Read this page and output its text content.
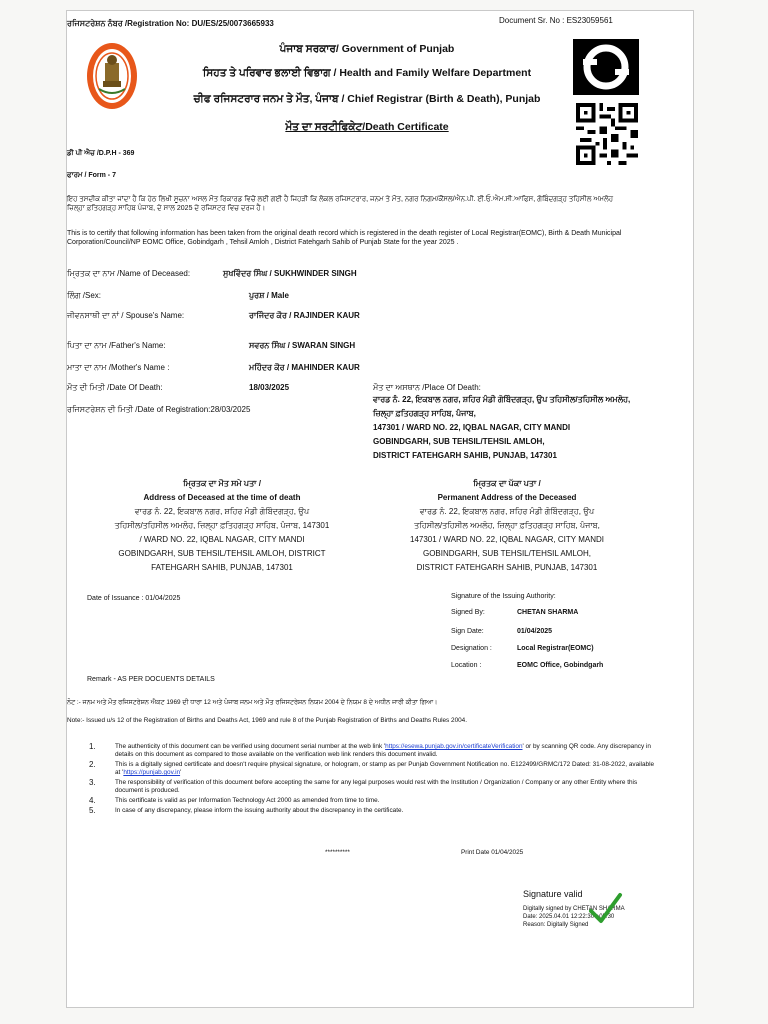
ਰਜਿਸਟਰੇਸ਼ਨ ਨੰਬਰ /Registration No: DU/ES/25/0073665933	Document Sr. No : ES23059561
ਪੰਜਾਬ ਸਰਕਾਰ/ Government of Punjab
ਸਿਹਤ ਤੇ ਪਰਿਵਾਰ ਭਲਾਈ ਵਿਭਾਗ / Health and Family Welfare Department
ਚੀਫ ਰਜਿਸਟਰਾਰ ਜਨਮ ਤੇ ਮੌਤ, ਪੰਜਾਬ / Chief Registrar (Birth & Death), Punjab
ਮੌਤ ਦਾ ਸਰਟੀਫਿਕੇਟ/Death Certificate
ਡੀ ਪੀ ਐਚ /D.P.H - 369
ਫਾਰਮ / Form - 7
ਇਹ ਤਸਦੀਕ ਕੀਤਾ ਜਾਂਦਾ ਹੈ ਕਿ ਹੇਠ ਲਿਖੀ ਸੂਚਨਾ ਅਸਲ ਮੌਤ ਰਿਕਾਰਡ ਵਿਚੋਂ ਲਈ ਗਈ ਹੈ ਜਿਹੜੀ ਕਿ ਲੋਕਲ ਰਜਿਸਟਰਾਰ, ਜਨਮ ਤੇ ਮੌਤ, ਨਗਰ ਨਿਗਮ/ਕੌਂਸਲ/ਐਨ.ਪੀ. ਈ.ਓ.ਐਮ.ਸੀ.ਆਫਿਸ, ਗੋਬਿੰਦਗੜ੍ਹ ਤਹਿਸੀਲ ਅਮਲੋਹ ਜ਼ਿਲ੍ਹਾ ਫ਼ਤਿਹਗੜ੍ਹ ਸਾਹਿਬ ਪੰਜਾਬ, ਦੇ ਸਾਲ 2025 ਦੇ ਰਜਿਸਟਰ ਵਿਚ ਦਰਜ ਹੈ।
This is to certify that following information has been taken from the original death record which is registered in the death register of Local Registrar(EOMC), Birth & Death Municipal Corporation/Council/NP EOMC Office, Gobindgarh , Tehsil Amloh , District Fatehgarh Sahib of Punjab State for the year 2025 .
ਮ੍ਰਿਤਕ ਦਾ ਨਾਮ /Name of Deceased:	ਸੁਖਵਿੰਦਰ ਸਿੰਘ / SUKHWINDER SINGH
ਲਿੰਗ /Sex:	ਪੁਰਸ਼ / Male
ਜੀਵਨਸਾਥੀ ਦਾ ਨਾਂ / Spouse's Name:	ਰਾਜਿੰਦਰ ਕੌਰ / RAJINDER KAUR
ਪਿਤਾ ਦਾ ਨਾਮ /Father's Name:	ਸਵਰਨ ਸਿੰਘ / SWARAN SINGH
ਮਾਤਾ ਦਾ ਨਾਮ /Mother's Name :	ਮਹਿੰਦਰ ਕੌਰ / MAHINDER KAUR
ਮੌਤ ਦੀ ਮਿਤੀ /Date Of Death:	18/03/2025	ਮੌਤ ਦਾ ਅਸਥਾਨ /Place Of Death:
ਰਜਿਸਟਰੇਸ਼ਨ ਦੀ ਮਿਤੀ /Date of Registration:28/03/2025
ਵਾਰਡ ਨੰ. 22, ਇਕਬਾਲ ਨਗਰ, ਸ਼ਹਿਰ ਮੰਡੀ ਗੋਬਿੰਦਗੜ੍ਹ, ਉਪ ਤਹਿਸੀਲ/ਤਹਿਸੀਲ ਅਮਲੋਹ, ਜ਼ਿਲ੍ਹਾ ਫ਼ਤਿਹਗੜ੍ਹ ਸਾਹਿਬ, ਪੰਜਾਬ,
147301 / WARD NO. 22, IQBAL NAGAR, CITY MANDI
GOBINDGARH, SUB TEHSIL/TEHSIL AMLOH,
DISTRICT FATEHGARH SAHIB, PUNJAB, 147301
ਮ੍ਰਿਤਕ ਦਾ ਮੌਤ ਸਮੇ ਪਤਾ /
Address of Deceased at the time of death
ਵਾਰਡ ਨੰ. 22, ਇਕਬਾਲ ਨਗਰ, ਸ਼ਹਿਰ ਮੰਡੀ ਗੋਬਿੰਦਗੜ੍ਹ, ਉਪ
ਤਹਿਸੀਲ/ਤਹਿਸੀਲ ਅਮਲੋਹ, ਜ਼ਿਲ੍ਹਾ ਫ਼ਤਿਹਗੜ੍ਹ ਸਾਹਿਬ, ਪੰਜਾਬ, 147301
/ WARD NO. 22, IQBAL NAGAR, CITY MANDI
GOBINDGARH, SUB TEHSIL/TEHSIL AMLOH, DISTRICT
FATEHGARH SAHIB, PUNJAB, 147301
ਮ੍ਰਿਤਕ ਦਾ ਪੱਕਾ ਪਤਾ /
Permanent Address of the Deceased
ਵਾਰਡ ਨੰ. 22, ਇਕਬਾਲ ਨਗਰ, ਸ਼ਹਿਰ ਮੰਡੀ ਗੋਬਿੰਦਗੜ੍ਹ, ਉਪ
ਤਹਿਸੀਲ/ਤਹਿਸੀਲ ਅਮਲੋਹ, ਜ਼ਿਲ੍ਹਾ ਫ਼ਤਿਹਗੜ੍ਹ ਸਾਹਿਬ, ਪੰਜਾਬ,
147301 / WARD NO. 22, IQBAL NAGAR, CITY MANDI
GOBINDGARH, SUB TEHSIL/TEHSIL AMLOH,
DISTRICT FATEHGARH SAHIB, PUNJAB, 147301
Date of Issuance : 01/04/2025	Signature of the Issuing Authority:
Signed By:	CHETAN SHARMA
Sign Date:	01/04/2025
Designation :	Local Registrar(EOMC)
Location :	EOMC Office, Gobindgarh
Remark - AS PER DOCUENTS DETAILS
ਨੋਟ :- ਜਨਮ ਅਤੇ ਮੌਤ ਰਜਿਸਟਰੇਸ਼ਨ ਐਕਟ 1969 ਦੀ ਧਾਰਾ 12 ਅਤੇ ਪੰਜਾਬ ਜਨਮ ਅਤੇ ਮੌਤ ਰਜਿਸਟਰੇਸ਼ਨ ਨਿਯਮ 2004 ਦੇ ਨਿਯਮ 8 ਦੇ ਅਧੀਨ ਜਾਰੀ ਕੀਤਾ ਗਿਆ।
Note:- Issued u/s 12 of the Registration of Births and Deaths Act, 1969 and rule 8 of the Punjab Registration of Births and Deaths Rules 2004.
1.	The authenticity of this document can be verified using document serial number at the web link 'https://esewa.punjab.gov.in/certificateVerification' or by scanning QR code. Any discrepancy in details on this document as compared to those available on the verification web link renders this document invalid.
2.	This is a digitally signed certificate and doesn't require physical signature, or hologram, or stamp as per Punjab Government Notification no. E122499/GRMC/172 Dated: 31-08-2022, available at 'https://punjab.gov.in'
3.	The responsibility of verification of this document before accepting the same for any legal purposes would rest with the Institution / Organization / Company or any other Entity where this document is produced.
4.	This certificate is valid as per Information Technology Act 2000 as amended from time to time.
5.	In case of any discrepancy, please inform the issuing authority about the discrepancy in the certificate.
**********	Print Date 01/04/2025
Signature valid
Digitally signed by CHETAN SHARMA
Date: 2025.04.01 12:22:30 +05:30
Reason: Digitally Signed
